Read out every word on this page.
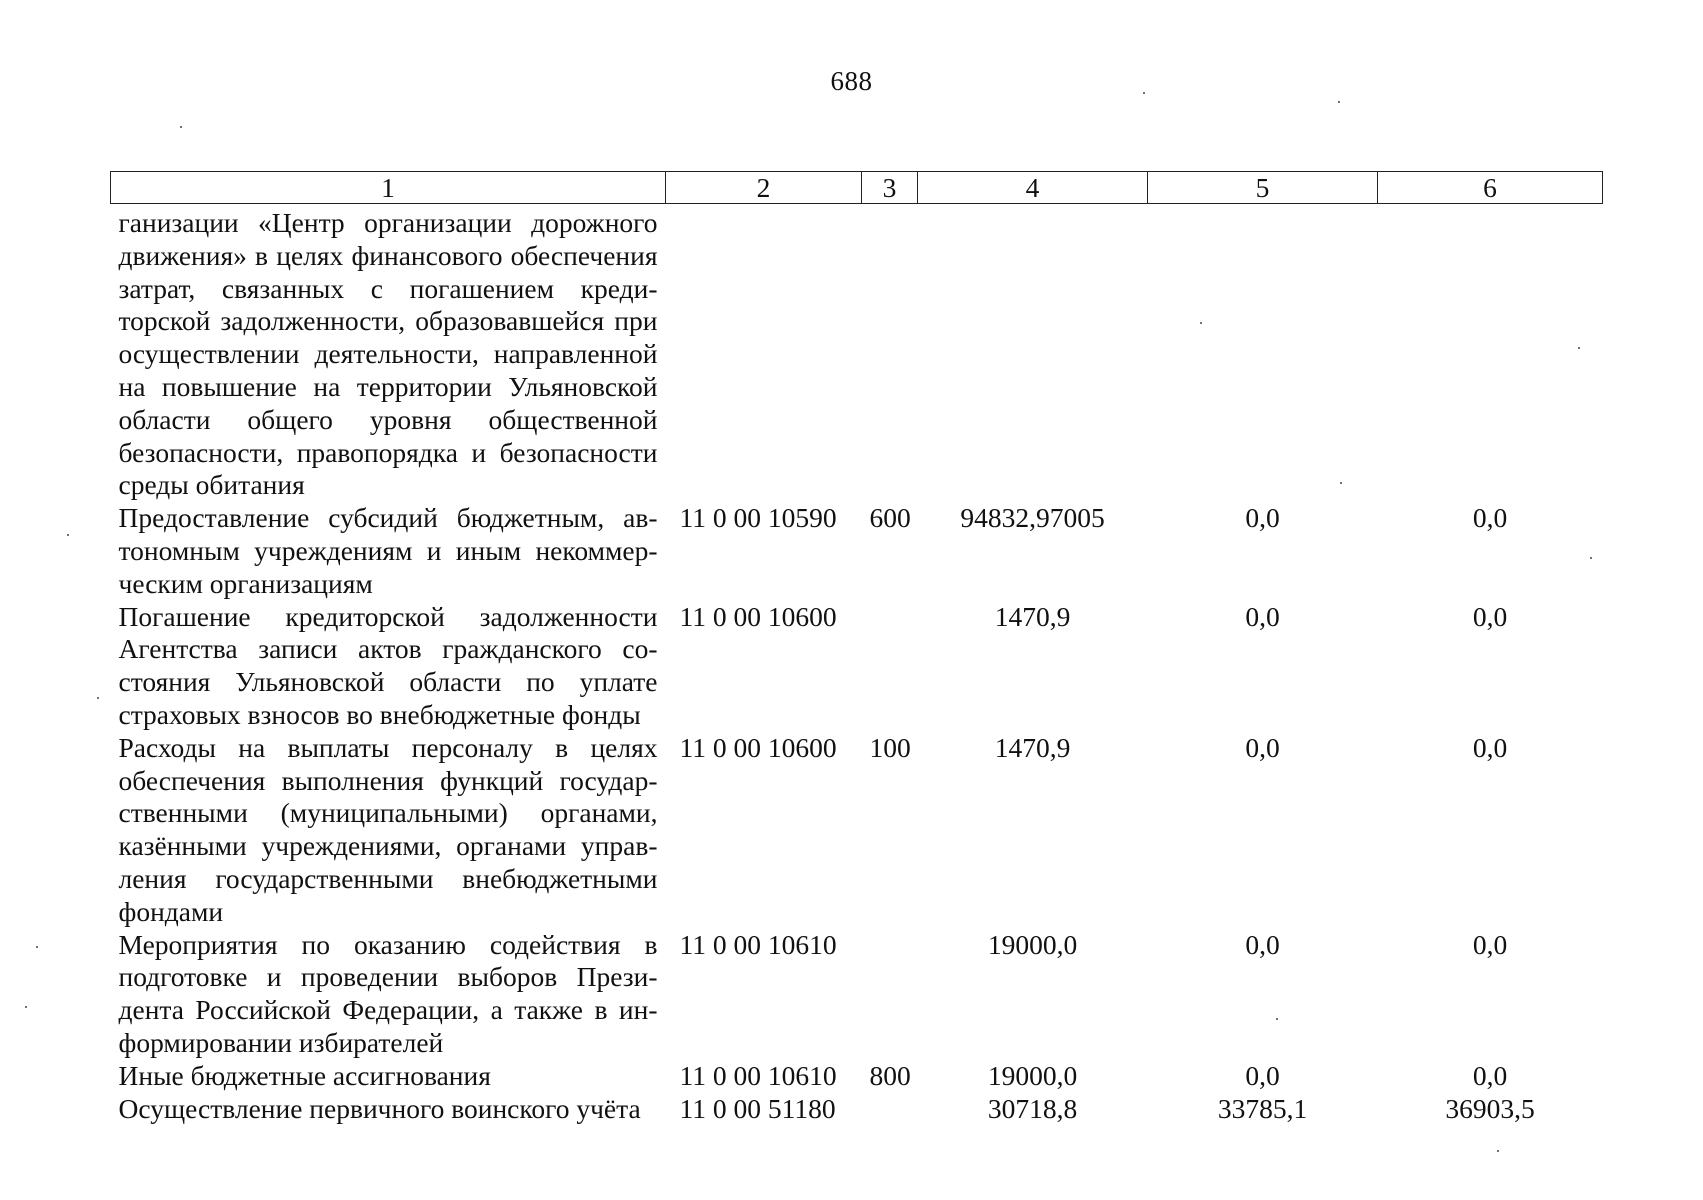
688
1	2	3	4	5	6
ганизации «Центр организации дорожного движения» в целях финансового обеспечения затрат, связанных с погашением кредиторской задолженности, образовавшейся при осуществлении деятельности, направленной на повышение на территории Ульяновской области общего уровня общественной безопасности, правопорядка и безопасности среды обитания					
Предоставление субсидий бюджетным, автономным учреждениям и иным некоммерческим организациям	11 0 00 10590	600	94832,97005	0,0	0,0
Погашение кредиторской задолженности Агентства записи актов гражданского состояния Ульяновской области по уплате страховых взносов во внебюджетные фонды	11 0 00 10600		1470,9	0,0	0,0
Расходы на выплаты персоналу в целях обеспечения выполнения функций государственными (муниципальными) органами, казёнными учреждениями, органами управления государственными внебюджетными фондами	11 0 00 10600	100	1470,9	0,0	0,0
Мероприятия по оказанию содействия в подготовке и проведении выборов Президента Российской Федерации, а также в информировании избирателей	11 0 00 10610		19000,0	0,0	0,0
Иные бюджетные ассигнования	11 0 00 10610	800	19000,0	0,0	0,0
Осуществление первичного воинского учёта	11 0 00 51180		30718,8	33785,1	36903,5
